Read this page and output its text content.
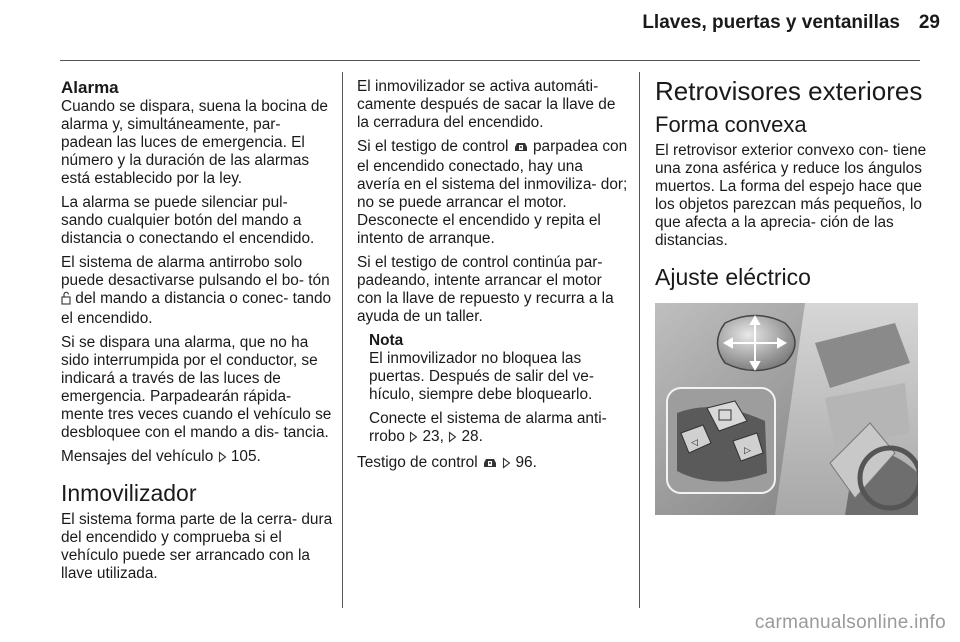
Llaves, puertas y ventanillas 29
Alarma

Cuando se dispara, suena la bocina de alarma y, simultáneamente, par- padean las luces de emergencia. El número y la duración de las alarmas está establecido por la ley.

La alarma se puede silenciar pul- sando cualquier botón del mando a distancia o conectando el encendido.

El sistema de alarma antirrobo solo puede desactivarse pulsando el bo- tón  del mando a distancia o conec- tando el encendido.

Si se dispara una alarma, que no ha sido interrumpida por el conductor, se indicará a través de las luces de emergencia. Parpadearán rápida- mente tres veces cuando el vehículo se desbloquee con el mando a dis- tancia.

Mensajes del vehículo 105.

Inmovilizador

El sistema forma parte de la cerra- dura del encendido y comprueba si el vehículo puede ser arrancado con la llave utilizada.

El inmovilizador se activa automáti- camente después de sacar la llave de la cerradura del encendido.

Si el testigo de control parpadea con el encendido conectado, hay una avería en el sistema del inmoviliza- dor; no se puede arrancar el motor. Desconecte el encendido y repita el intento de arranque.

Si el testigo de control continúa par- padeando, intente arrancar el motor con la llave de repuesto y recurra a la ayuda de un taller.

Nota

El inmovilizador no bloquea las puertas. Después de salir del ve- hículo, siempre debe bloquearlo.

Conecte el sistema de alarma anti- rrobo 23, 28.

Testigo de control 96.

Retrovisores exteriores
Forma convexa

El retrovisor exterior convexo con- tiene una zona asférica y reduce los ángulos muertos. La forma del espejo hace que los objetos parezcan más pequeños, lo que afecta a la aprecia- ción de las distancias.

Ajuste eléctrico
◁
▷
carmanualsonline.info
